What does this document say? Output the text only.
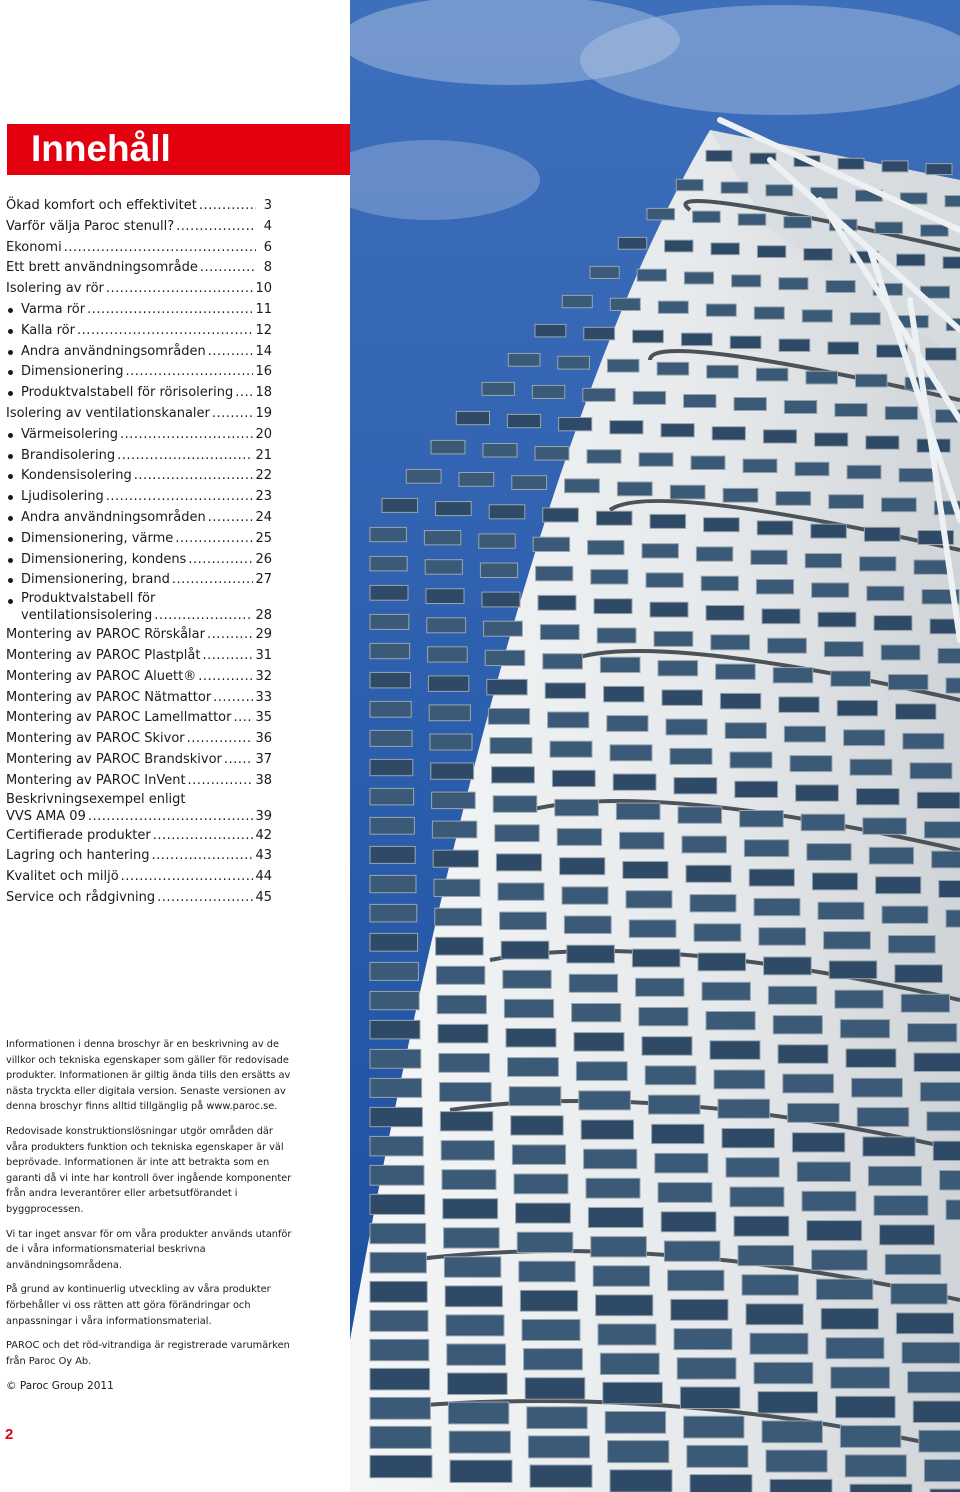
Innehåll
Ökad komfort och effektivitet .....	3
Varför välja Paroc stenull? .....	4
Ekonomi .....	6
Ett brett användningsområde .....	8
Isolering av rör .....	10
Varma rör .....	11
Kalla rör .....	12
Andra användningsområden .....	14
Dimensionering .....	16
Produktvalstabell för rörisolering ..... 18
Isolering av ventilationskanaler .....	19
Värmeisolering .....	20
Brandisolering .....	21
Kondensisolering .....	22
Ljudisolering .....	23
Andra användningsområden .....	24
Dimensionering, värme .....	25
Dimensionering, kondens .....	26
Dimensionering, brand .....	27
Produktvalstabell för
ventilationsisolering .....	28
Montering av PAROC Rörskålar .....	29
Montering av PAROC Plastplåt .....	31
Montering av PAROC Aluett® .....	32
Montering av PAROC Nätmattor .....	33
Montering av PAROC Lamellmattor ..... 35
Montering av PAROC Skivor .....	36
Montering av PAROC Brandskivor .....	37
Montering av PAROC InVent .....	38
Beskrivningsexempel enligt
VVS AMA 09 .....	39
Certifierade produkter .....	42
Lagring och hantering .....	43
Kvalitet och miljö .....	44
Service och rådgivning .....	45

Informationen i denna broschyr är en beskrivning av de villkor och tekniska egenskaper som gäller för redovisade produkter. Informationen är giltig ända tills den ersätts av nästa tryckta eller digitala version. Senaste versionen av denna broschyr finns alltid tillgänglig på www.paroc.se.

Redovisade konstruktionslösningar utgör områden där våra produkters funktion och tekniska egenskaper är väl beprövade. Informationen är inte att betrakta som en garanti då vi inte har kontroll över ingående komponenter från andra leverantörer eller arbetsutförandet i byggprocessen.

Vi tar inget ansvar för om våra produkter används utanför de i våra informationsmaterial beskrivna användningsområdena.

På grund av kontinuerlig utveckling av våra produkter förbehåller vi oss rätten att göra förändringar och anpassningar i våra informationsmaterial.

PAROC och det röd-vitrandiga är registrerade varumärken från Paroc Oy Ab.

© Paroc Group 2011
2
